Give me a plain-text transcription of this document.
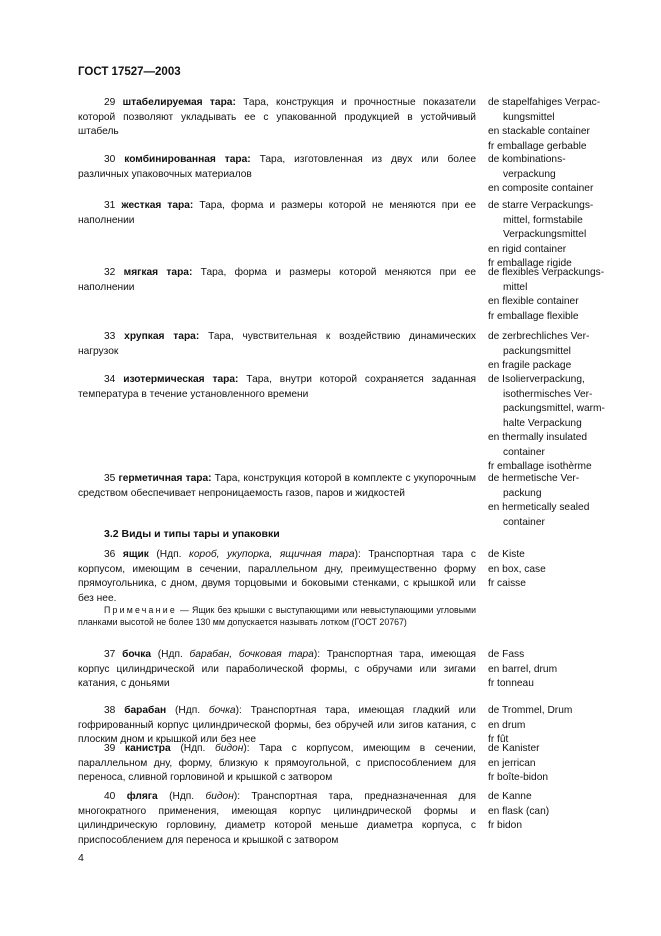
ГОСТ 17527—2003
29 штабелируемая тара: Тара, конструкция и прочностные показатели которой позволяют укладывать ее с упакованной продукцией в устойчивый штабель
de stapelfahiges Verpac-
kungsmittel
en stackable container
fr emballage gerbable
30 комбинированная тара: Тара, изготовленная из двух или более различных упаковочных материалов
de kombinations-
verpackung
en composite container
31 жесткая тара: Тара, форма и размеры которой не меняются при ее наполнении
de starre Verpackungs-
mittel, formstabile
Verpackungsmittel
en rigid container
fr emballage rigide
32 мягкая тара: Тара, форма и размеры которой меняются при ее наполнении
de flexibles Verpackungs-
mittel
en flexible container
fr emballage flexible
33 хрупкая тара: Тара, чувствительная к воздействию динамических нагрузок
de zerbrechliches Ver-
packungsmittel
en fragile package
34 изотермическая тара: Тара, внутри которой сохраняется заданная температура в течение установленного времени
de Isolierverpackung,
isothermisches Ver-
packungsmittel, warm-
halte Verpackung
en thermally insulated
container
fr emballage isothèrme
35 герметичная тара: Тара, конструкция которой в комплекте с укупорочным средством обеспечивает непроницаемость газов, паров и жидкостей
de hermetische Ver-
packung
en hermetically sealed
container
36 ящик (Ндп. короб, укупорка, ящичная тара): Транспортная тара с корпусом, имеющим в сечении, параллельном дну, преимущественно форму прямоугольника, с дном, двумя торцовыми и боковыми стенками, с крышкой или без нее.
de Kiste
en box, case
fr caisse
37 бочка (Ндп. барабан, бочковая тара): Транспортная тара, имеющая корпус цилиндрической или параболической формы, с обручами или зигами катания, с доньями
de Fass
en barrel, drum
fr tonneau
38 барабан (Ндп. бочка): Транспортная тара, имеющая гладкий или гофрированный корпус цилиндрической формы, без обручей или зигов катания, с плоским дном и крышкой или без нее
de Trommel, Drum
en drum
fr fût
39 канистра (Ндп. бидон): Тара с корпусом, имеющим в сечении, параллельном дну, форму, близкую к прямоугольной, с приспособлением для переноса, сливной горловиной и крышкой с затвором
de Kanister
en jerrican
fr boîte-bidon
40 фляга (Ндп. бидон): Транспортная тара, предназначенная для многократного применения, имеющая корпус цилиндрической формы и цилиндрическую горловину, диаметр которой меньше диаметра корпуса, с приспособлением для переноса и крышкой с затвором
de Kanne
en flask (can)
fr bidon
3.2 Виды и типы тары и упаковки
Примечание — Ящик без крышки с выступающими или невыступающими угловыми планками высотой не более 130 мм допускается называть лотком (ГОСТ 20767)
4
